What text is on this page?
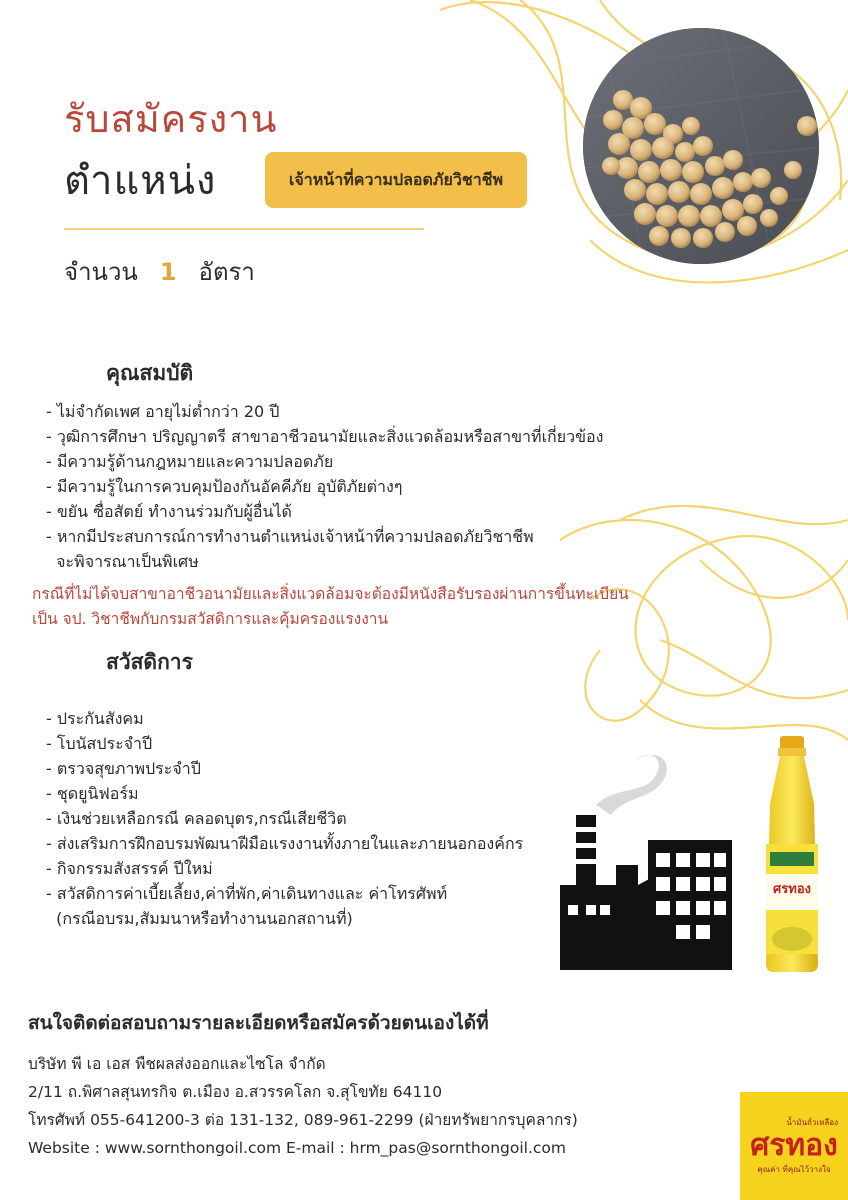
รับสมัครงาน
ตำแหน่ง	เจ้าหน้าที่ความปลอดภัยวิชาชีพ
จำนวน 1 อัตรา
คุณสมบัติ
- ไม่จำกัดเพศ อายุไม่ต่ำกว่า 20 ปี
- วุฒิการศึกษา ปริญญาตรี สาขาอาชีวอนามัยและสิ่งแวดล้อมหรือสาขาที่เกี่ยวข้อง
- มีความรู้ด้านกฎหมายและความปลอดภัย
- มีความรู้ในการควบคุมป้องกันอัคคีภัย อุบัติภัยต่างๆ
- ขยัน ซื่อสัตย์ ทำงานร่วมกับผู้อื่นได้
- หากมีประสบการณ์การทำงานตำแหน่งเจ้าหน้าที่ความปลอดภัยวิชาชีพ
จะพิจารณาเป็นพิเศษ
กรณีที่ไม่ได้จบสาขาอาชีวอนามัยและสิ่งแวดล้อมจะต้องมีหนังสือรับรองผ่านการขึ้นทะเบียน
เป็น จป. วิชาชีพกับกรมสวัสดิการและคุ้มครองแรงงาน
สวัสดิการ
- ประกันสังคม
- โบนัสประจำปี
- ตรวจสุขภาพประจำปี
- ชุดยูนิฟอร์ม
- เงินช่วยเหลือกรณี คลอดบุตร,กรณีเสียชีวิต
- ส่งเสริมการฝึกอบรมพัฒนาฝีมือแรงงานทั้งภายในและภายนอกองค์กร
- กิจกรรมสังสรรค์ ปีใหม่
- สวัสดิการค่าเบี้ยเลี้ยง,ค่าที่พัก,ค่าเดินทางและ ค่าโทรศัพท์
(กรณีอบรม,สัมมนาหรือทำงานนอกสถานที่)
ศรทอง
สนใจติดต่อสอบถามรายละเอียดหรือสมัครด้วยตนเองได้ที่
บริษัท พี เอ เอส พืชผลส่งออกและไซโล จำกัด
2/11 ถ.พิศาลสุนทรกิจ ต.เมือง อ.สวรรคโลก จ.สุโขทัย 64110
โทรศัพท์ 055-641200-3 ต่อ 131-132, 089-961-2299 (ฝ่ายทรัพยากรบุคลากร)
Website : www.sornthongoil.com E-mail : hrm_pas@sornthongoil.com
น้ำมันถั่วเหลือง
ศรทอง
คุณค่า ที่คุณไว้วางใจ
